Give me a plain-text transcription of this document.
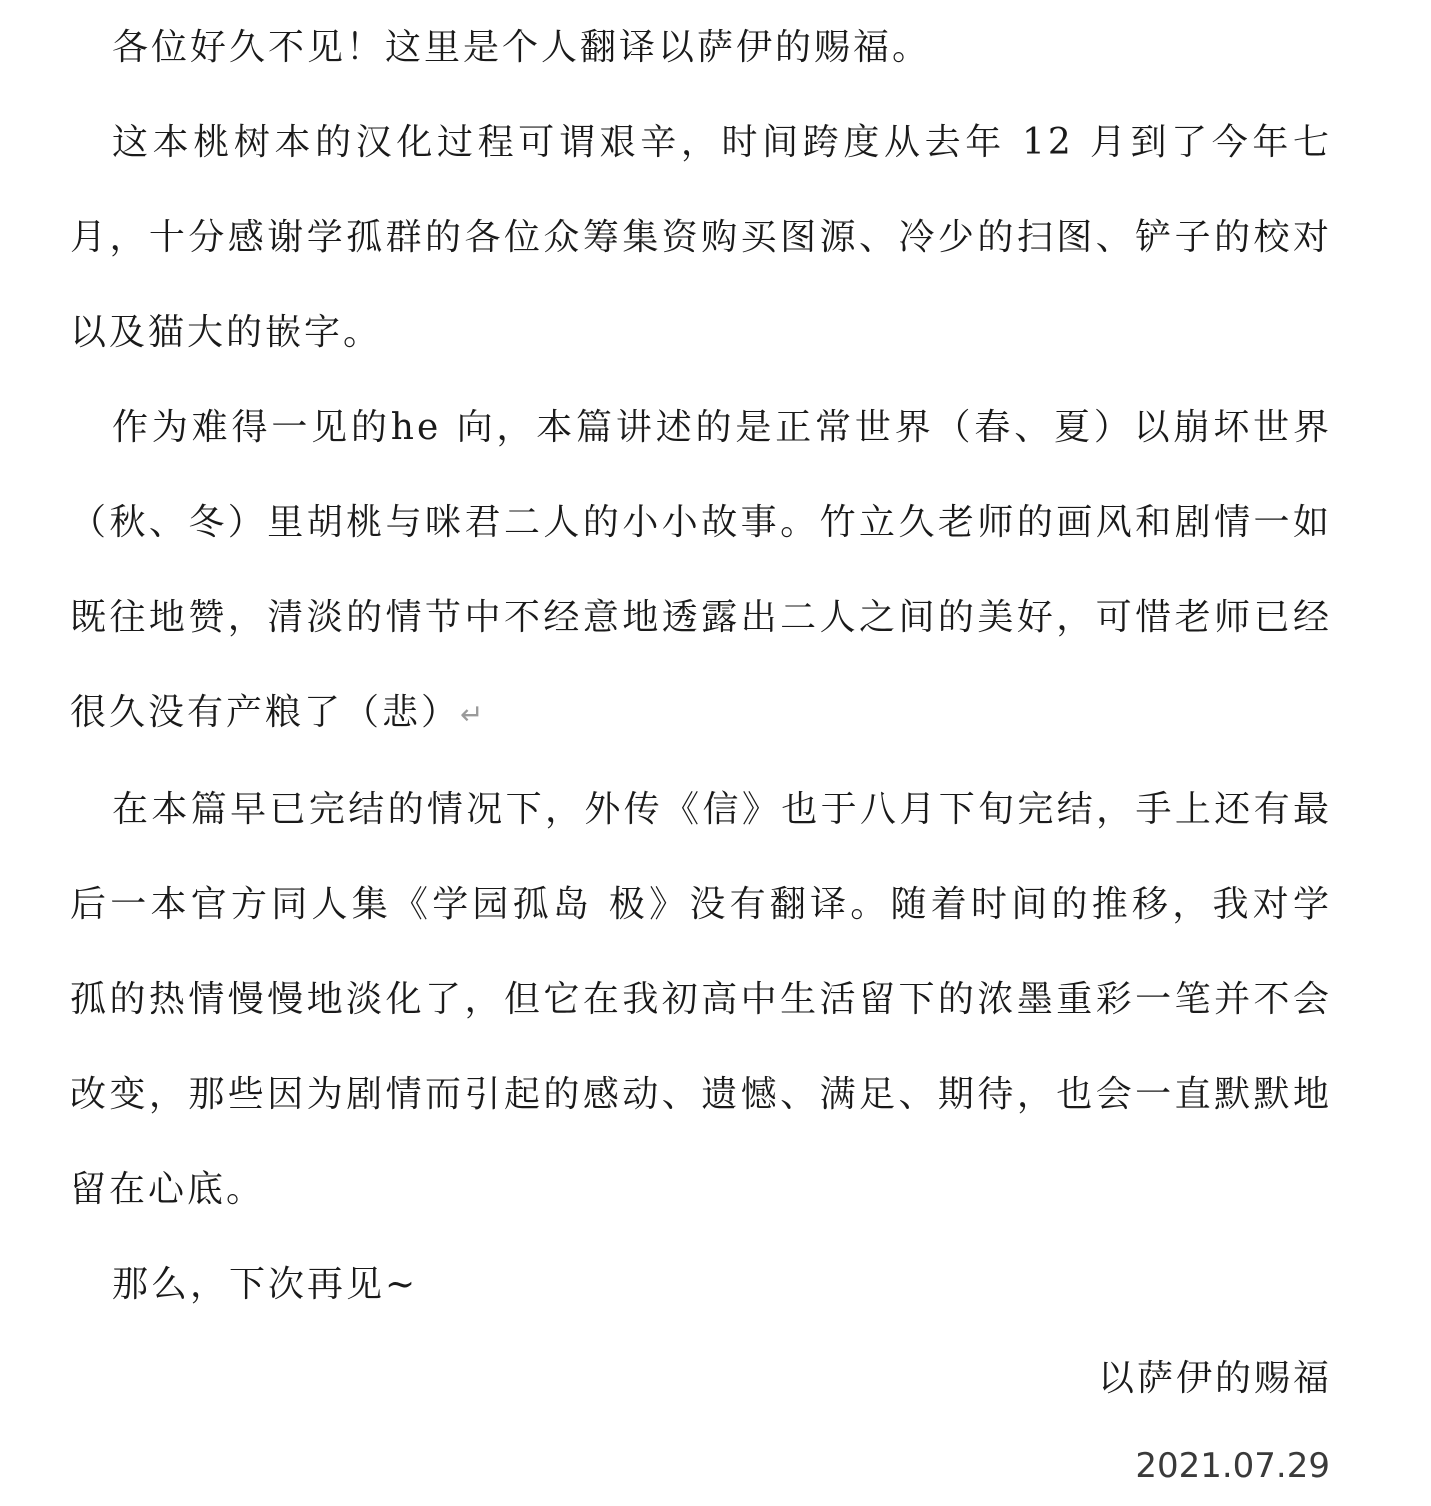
各位好久不见！这里是个人翻译以萨伊的赐福。

这本桃树本的汉化过程可谓艰辛，时间跨度从去年 12 月到了今年七月，十分感谢学孤群的各位众筹集资购买图源、冷少的扫图、铲子的校对以及猫大的嵌字。

作为难得一见的he 向，本篇讲述的是正常世界（春、夏）以崩坏世界（秋、冬）里胡桃与咪君二人的小小故事。竹立久老师的画风和剧情一如既往地赞，清淡的情节中不经意地透露出二人之间的美好，可惜老师已经很久没有产粮了（悲）↵

在本篇早已完结的情况下，外传《信》也于八月下旬完结，手上还有最后一本官方同人集《学园孤岛 极》没有翻译。随着时间的推移，我对学孤的热情慢慢地淡化了，但它在我初高中生活留下的浓墨重彩一笔并不会改变，那些因为剧情而引起的感动、遗憾、满足、期待，也会一直默默地留在心底。

那么，下次再见~

以萨伊的赐福
2021.07.29
